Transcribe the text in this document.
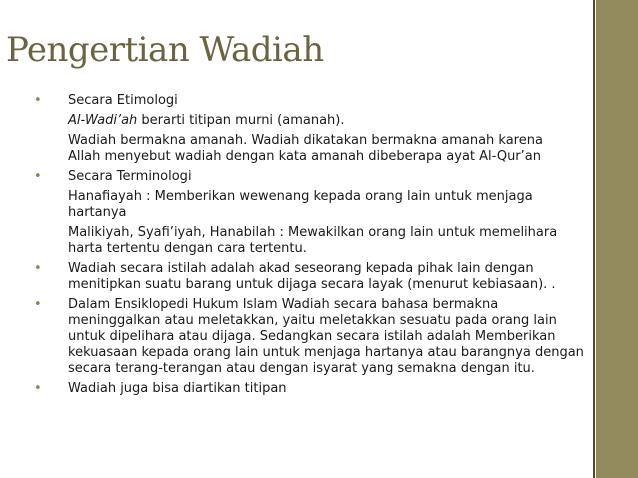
Pengertian Wadiah
• Secara Etimologi
Al-Wadi’ah berarti titipan murni (amanah).
Wadiah bermakna amanah. Wadiah dikatakan bermakna amanah karena
Allah menyebut wadiah dengan kata amanah dibeberapa ayat Al-Qur’an
• Secara Terminologi
Hanafiayah : Memberikan wewenang kepada orang lain untuk menjaga
hartanya
Malikiyah, Syafi’iyah, Hanabilah : Mewakilkan orang lain untuk memelihara
harta tertentu dengan cara tertentu.
• Wadiah secara istilah adalah akad seseorang kepada pihak lain dengan
menitipkan suatu barang untuk dijaga secara layak (menurut kebiasaan). .
• Dalam Ensiklopedi Hukum Islam Wadiah secara bahasa bermakna
meninggalkan atau meletakkan, yaitu meletakkan sesuatu pada orang lain
untuk dipelihara atau dijaga. Sedangkan secara istilah adalah Memberikan
kekuasaan kepada orang lain untuk menjaga hartanya atau barangnya dengan
secara terang-terangan atau dengan isyarat yang semakna dengan itu.
• Wadiah juga bisa diartikan titipan
